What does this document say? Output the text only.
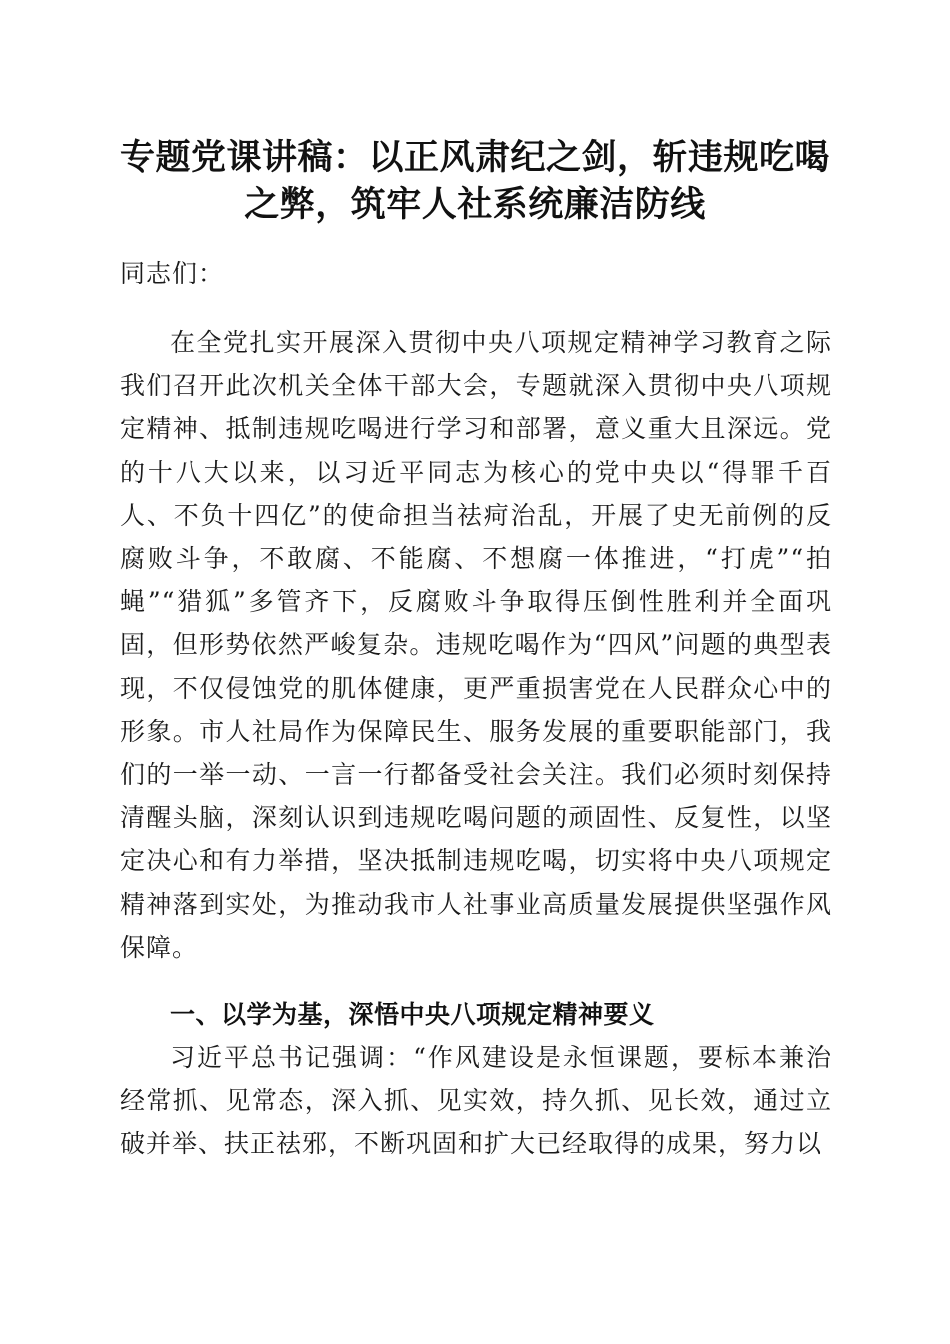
专题党课讲稿：以正风肃纪之剑，斩违规吃喝
之弊，筑牢人社系统廉洁防线

同志们：

在全党扎实开展深入贯彻中央八项规定精神学习教育之际我们召开此次机关全体干部大会，专题就深入贯彻中央八项规定精神、抵制违规吃喝进行学习和部署，意义重大且深远。党的十八大以来，以习近平同志为核心的党中央以“得罪千百人、不负十四亿”的使命担当祛疴治乱，开展了史无前例的反腐败斗争，不敢腐、不能腐、不想腐一体推进，“打虎”“拍蝇”“猎狐”多管齐下，反腐败斗争取得压倒性胜利并全面巩固，但形势依然严峻复杂。违规吃喝作为“四风”问题的典型表现，不仅侵蚀党的肌体健康，更严重损害党在人民群众心中的形象。市人社局作为保障民生、服务发展的重要职能部门，我们的一举一动、一言一行都备受社会关注。我们必须时刻保持清醒头脑，深刻认识到违规吃喝问题的顽固性、反复性，以坚定决心和有力举措，坚决抵制违规吃喝，切实将中央八项规定精神落到实处，为推动我市人社事业高质量发展提供坚强作风保障。

一、以学为基，深悟中央八项规定精神要义

习近平总书记强调：“作风建设是永恒课题，要标本兼治经常抓、见常态，深入抓、见实效，持久抓、见长效，通过立破并举、扶正祛邪，不断巩固和扩大已经取得的成果，努力以
